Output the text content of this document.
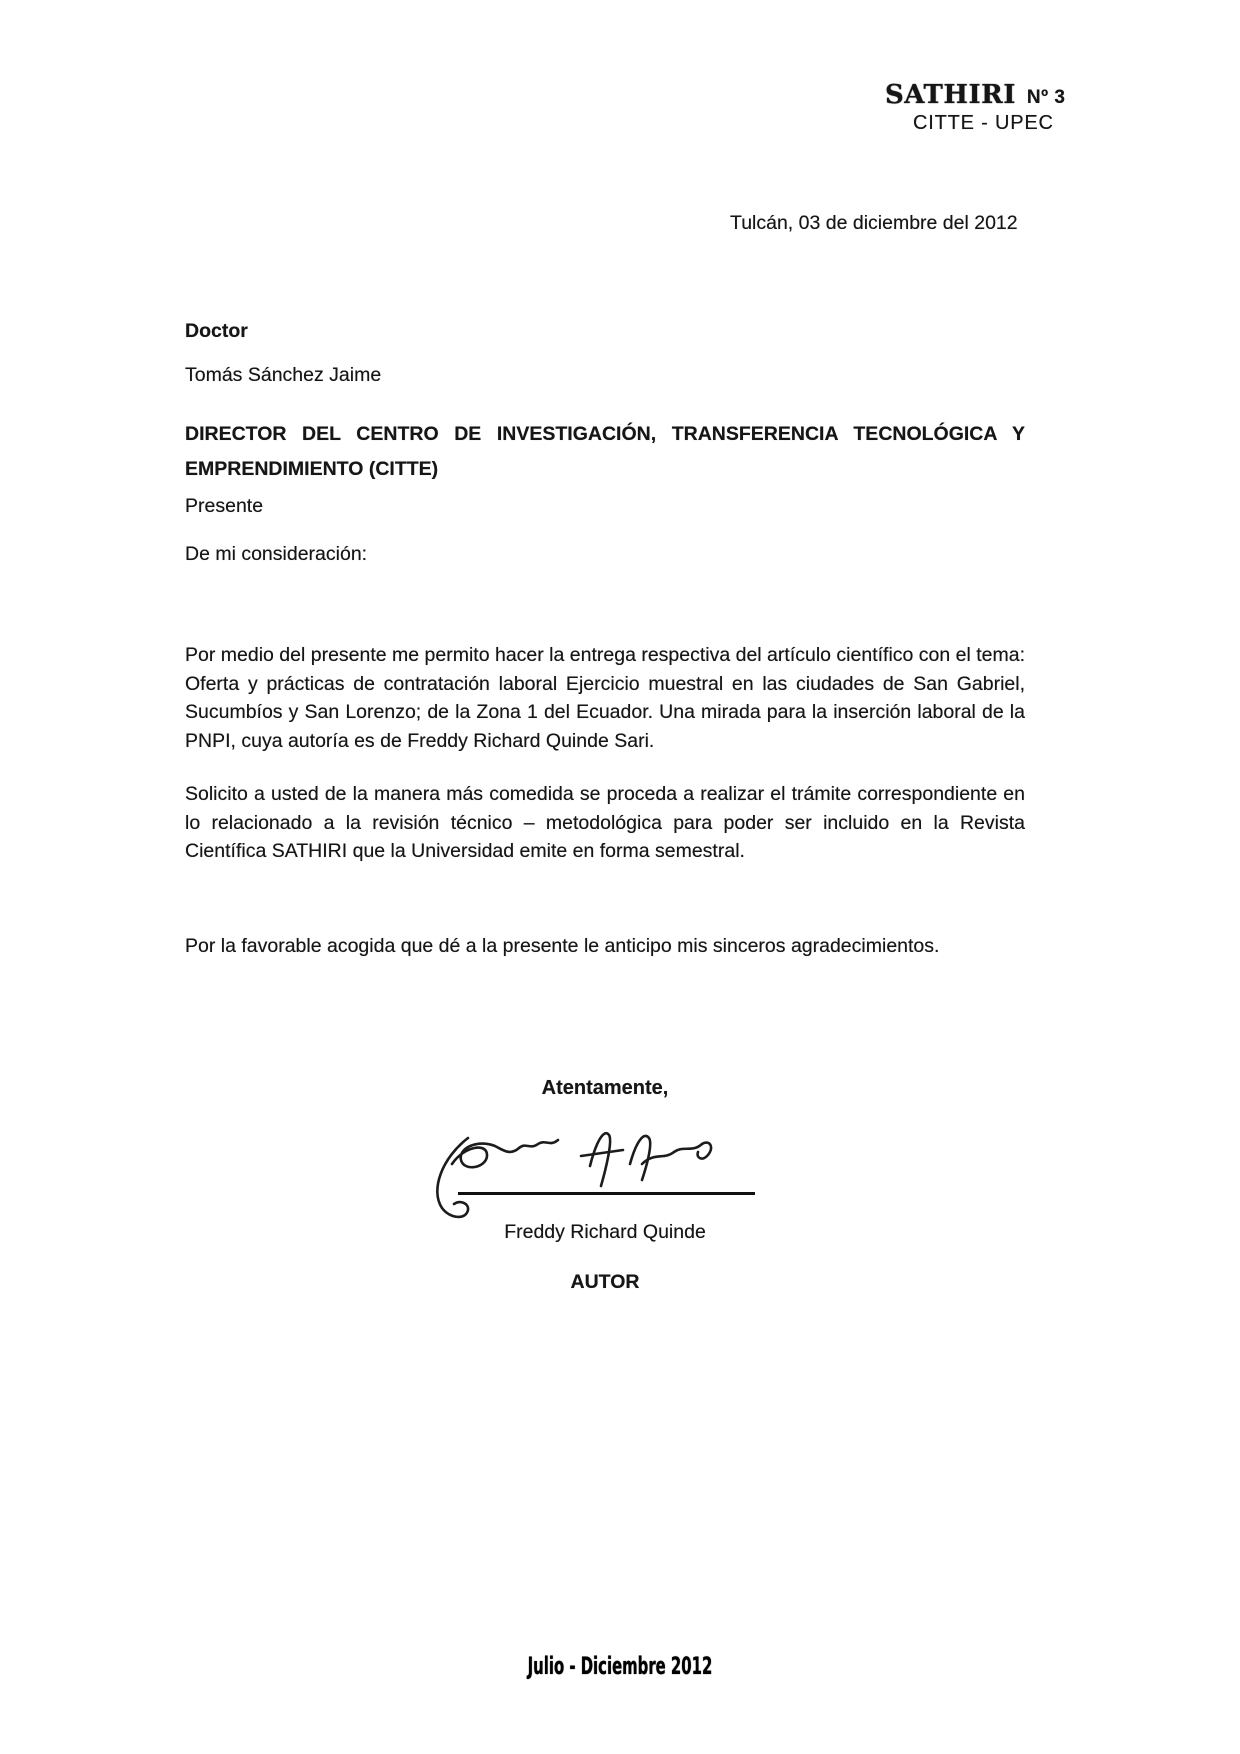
SATHIRI Nº 3
CITTE - UPEC
Tulcán, 03 de diciembre del 2012
Doctor
Tomás Sánchez Jaime
DIRECTOR DEL CENTRO DE INVESTIGACIÓN, TRANSFERENCIA TECNOLÓGICA Y
EMPRENDIMIENTO (CITTE)
Presente
De mi consideración:
Por medio del presente me permito hacer la entrega respectiva del artículo científico con el tema: Oferta y prácticas de contratación laboral Ejercicio muestral en las ciudades de San Gabriel, Sucumbíos y San Lorenzo; de la Zona 1 del Ecuador. Una mirada para la inserción laboral de la PNPI, cuya autoría es de Freddy Richard Quinde Sari.
Solicito a usted de la manera más comedida se proceda a realizar el trámite correspondiente en lo relacionado a la revisión técnico – metodológica para poder ser incluido en la Revista Científica SATHIRI que la Universidad emite en forma semestral.
Por la favorable acogida que dé a la presente le anticipo mis sinceros agradecimientos.
Atentamente,
Freddy Richard Quinde
AUTOR
Julio - Diciembre 2012
